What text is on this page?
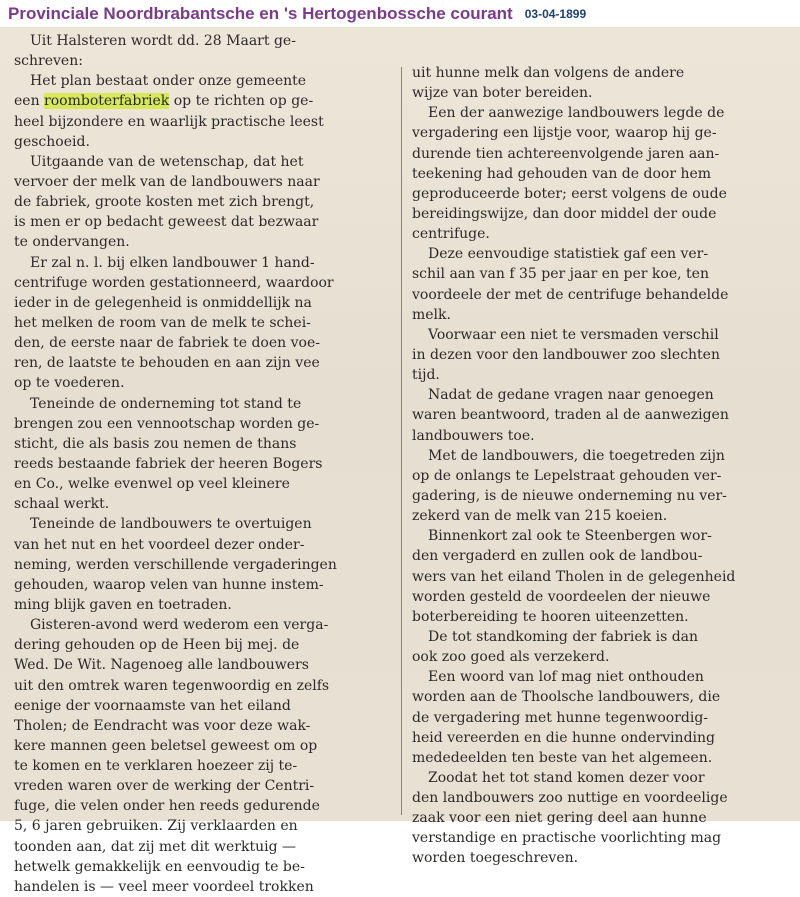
Provinciale Noordbrabantsche en 's Hertogenbossche courant 03-04-1899
Uit Halsteren wordt dd. 28 Maart ge-
schreven:
Het plan bestaat onder onze gemeente
een roomboterfabriek op te richten op ge-
heel bijzondere en waarlijk practische leest
geschoeid.
Uitgaande van de wetenschap, dat het
vervoer der melk van de landbouwers naar
de fabriek, groote kosten met zich brengt,
is men er op bedacht geweest dat bezwaar
te ondervangen.
Er zal n. l. bij elken landbouwer 1 hand-
centrifuge worden gestationneerd, waardoor
ieder in de gelegenheid is onmiddellijk na
het melken de room van de melk te schei-
den, de eerste naar de fabriek te doen voe-
ren, de laatste te behouden en aan zijn vee
op te voederen.
Teneinde de onderneming tot stand te
brengen zou een vennootschap worden ge-
sticht, die als basis zou nemen de thans
reeds bestaande fabriek der heeren Bogers
en Co., welke evenwel op veel kleinere
schaal werkt.
Teneinde de landbouwers te overtuigen
van het nut en het voordeel dezer onder-
neming, werden verschillende vergaderingen
gehouden, waarop velen van hunne instem-
ming blijk gaven en toetraden.
Gisteren-avond werd wederom een verga-
dering gehouden op de Heen bij mej. de
Wed. De Wit. Nagenoeg alle landbouwers
uit den omtrek waren tegenwoordig en zelfs
eenige der voornaamste van het eiland
Tholen; de Eendracht was voor deze wak-
kere mannen geen beletsel geweest om op
te komen en te verklaren hoezeer zij te-
vreden waren over de werking der Centri-
fuge, die velen onder hen reeds gedurende
5, 6 jaren gebruiken. Zij verklaarden en
toonden aan, dat zij met dit werktuig —
hetwelk gemakkelijk en eenvoudig te be-
handelen is — veel meer voordeel trokken
uit hunne melk dan volgens de andere
wijze van boter bereiden.
Een der aanwezige landbouwers legde de
vergadering een lijstje voor, waarop hij ge-
durende tien achtereenvolgende jaren aan-
teekening had gehouden van de door hem
geproduceerde boter; eerst volgens de oude
bereidingswijze, dan door middel der oude
centrifuge.
Deze eenvoudige statistiek gaf een ver-
schil aan van f 35 per jaar en per koe, ten
voordeele der met de centrifuge behandelde
melk.
Voorwaar een niet te versmaden verschil
in dezen voor den landbouwer zoo slechten
tijd.
Nadat de gedane vragen naar genoegen
waren beantwoord, traden al de aanwezigen
landbouwers toe.
Met de landbouwers, die toegetreden zijn
op de onlangs te Lepelstraat gehouden ver-
gadering, is de nieuwe onderneming nu ver-
zekerd van de melk van 215 koeien.
Binnenkort zal ook te Steenbergen wor-
den vergaderd en zullen ook de landbou-
wers van het eiland Tholen in de gelegenheid
worden gesteld de voordeelen der nieuwe
boterbereiding te hooren uiteenzetten.
De tot standkoming der fabriek is dan
ook zoo goed als verzekerd.
Een woord van lof mag niet onthouden
worden aan de Thoolsche landbouwers, die
de vergadering met hunne tegenwoordig-
heid vereerden en die hunne ondervinding
mededeelden ten beste van het algemeen.
Zoodat het tot stand komen dezer voor
den landbouwers zoo nuttige en voordeelige
zaak voor een niet gering deel aan hunne
verstandige en practische voorlichting mag
worden toegeschreven.
